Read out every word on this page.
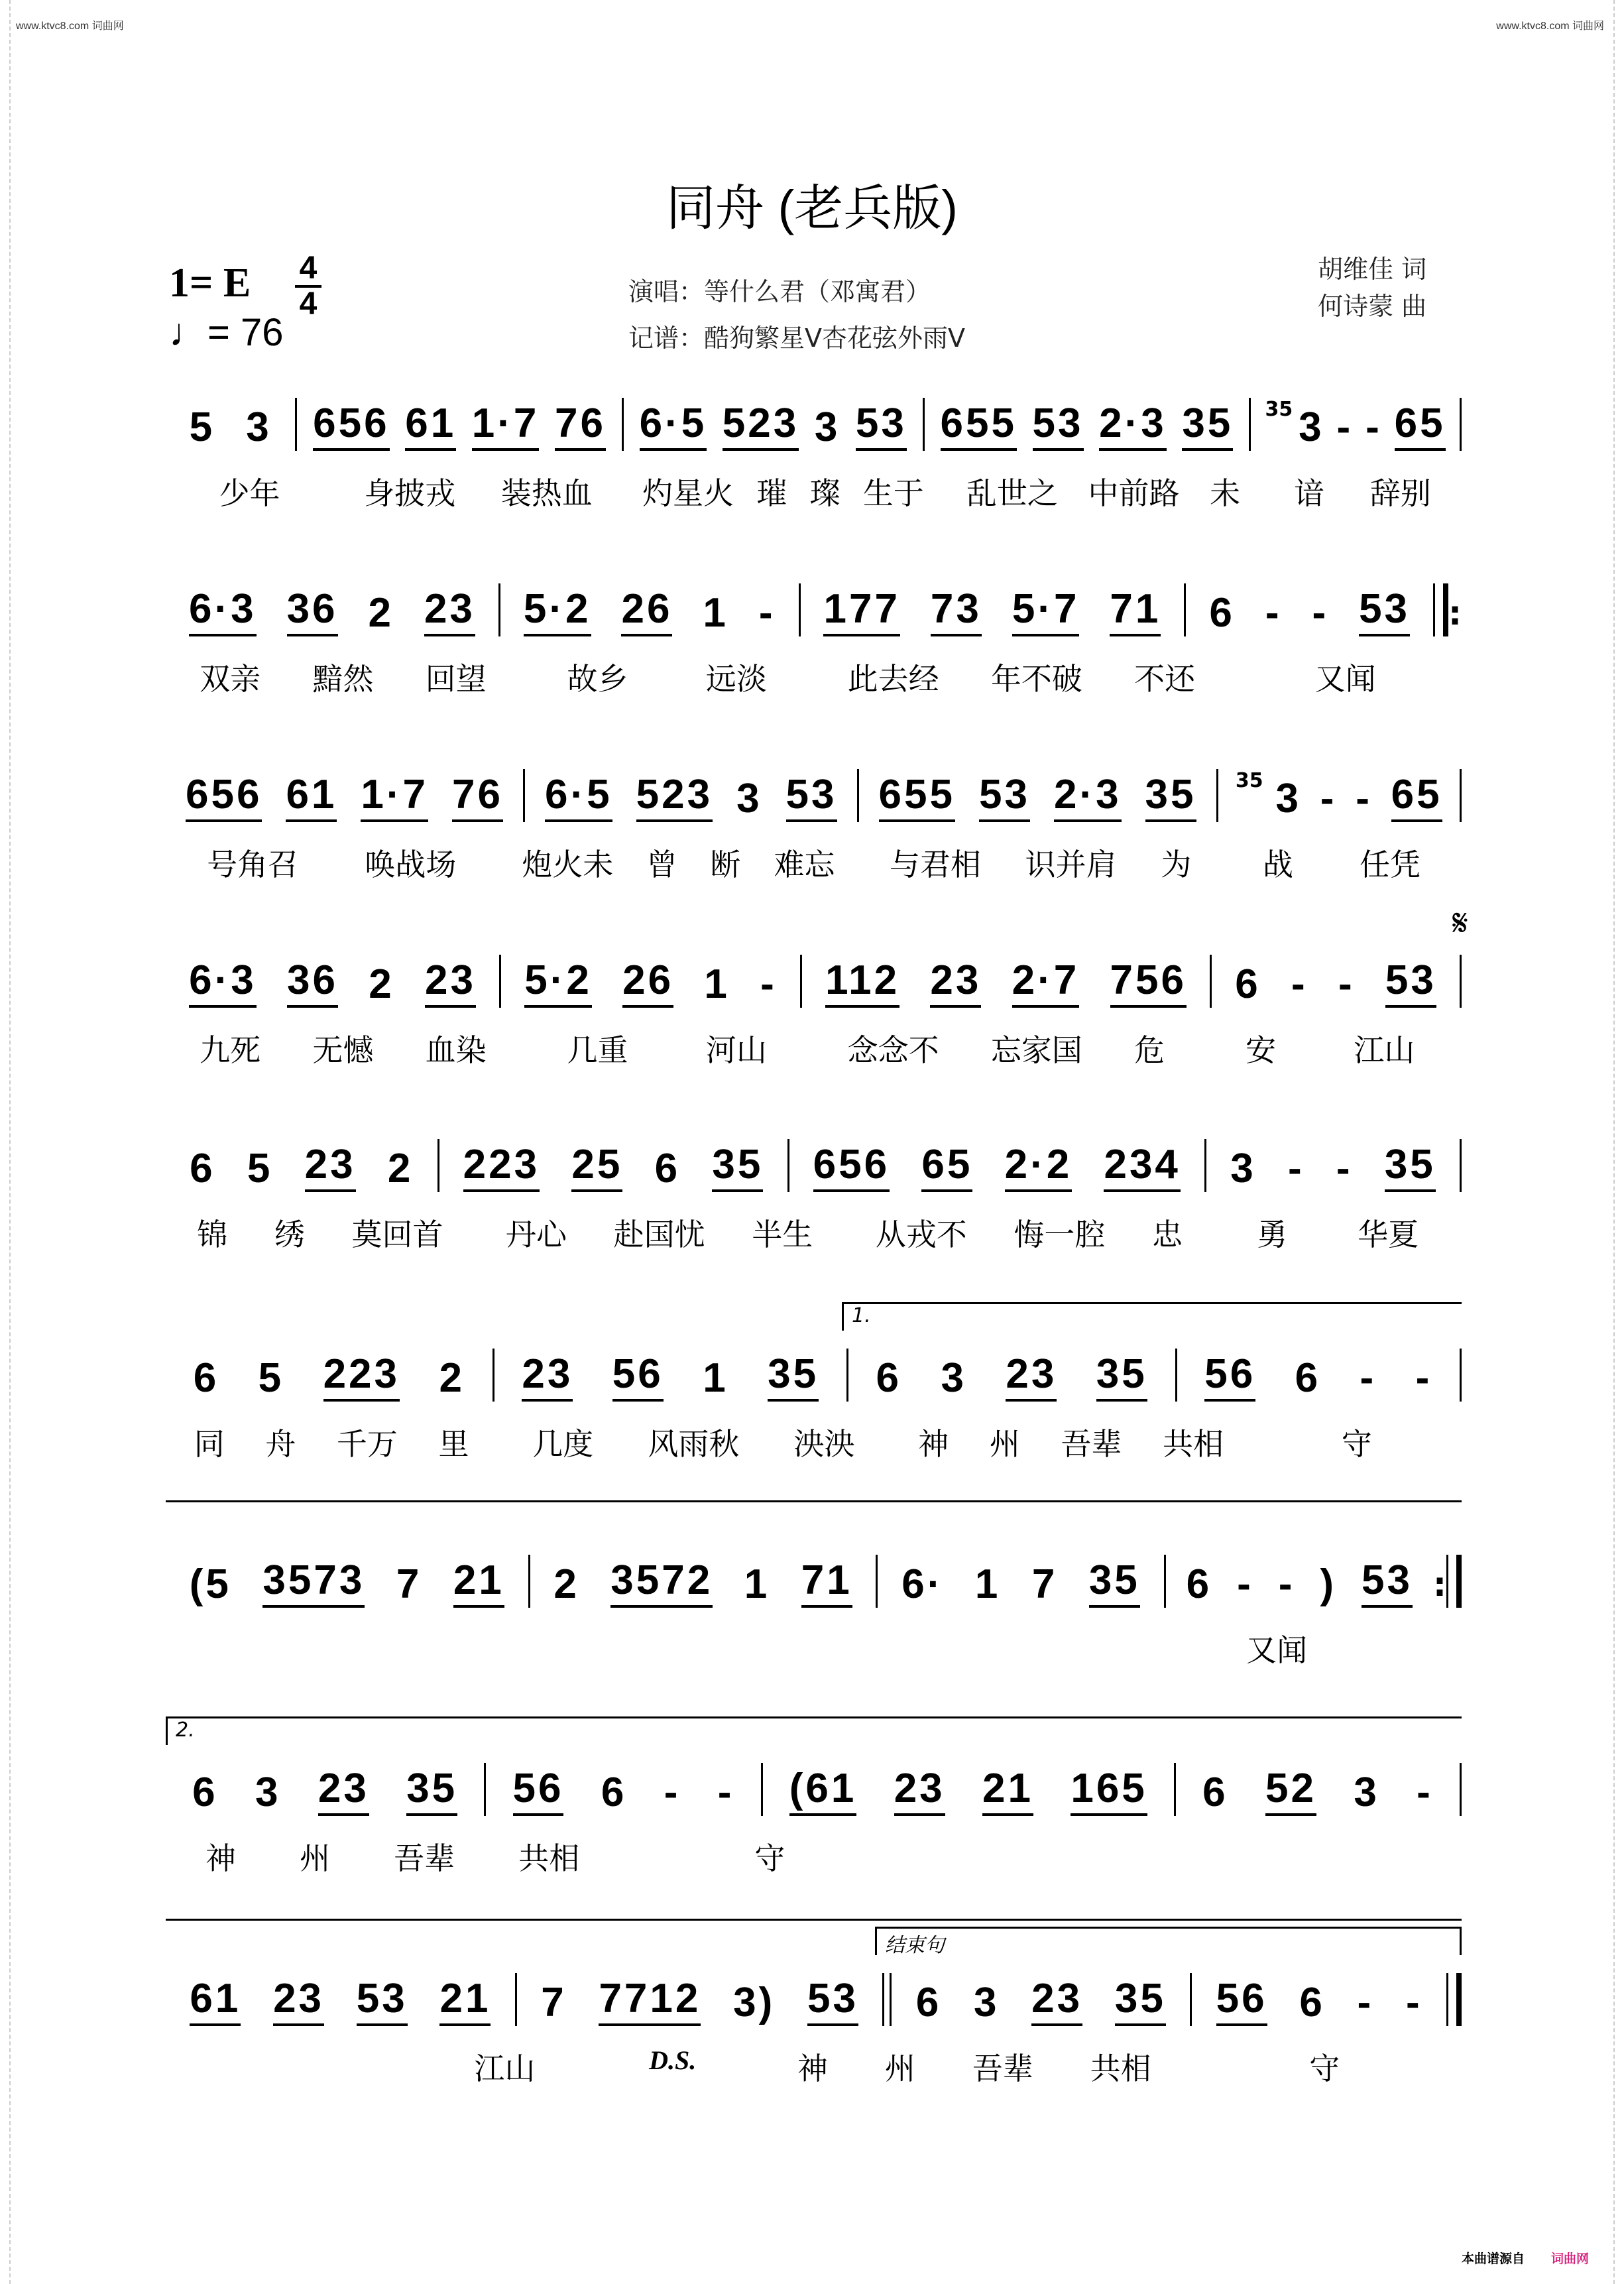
www.ktvc8.com 词曲网	www.ktvc8.com 词曲网
同舟 (老兵版)
1= E 4
4
♩= 76
演唱：等什么君（邓寓君）
记谱：酷狗繁星V杏花弦外雨V
胡维佳 词
何诗蒙 曲
5 3 656 61 1·7 76 6·5 523 3 53 655 53 2·3 35 35 3 - - 65
少年	身披戎 装热血 灼星火 璀 璨 生于 乱世之 中前路 未 谙 辞别
6·3 36 2 23 5·2 26 1 - 177 73 5·7 71 6 - - 53 :
双亲 黯然 回望	故乡	远淡	此去经 年不破 不还	又闻
656 61 1·7 76 6·5 523 3 53 655 53 2·3 35 35 3 - - 65
号角召 唤战场 炮火未 曾 断 难忘 与君相 识并肩 为 战 任凭
6·3 36 2 23 5·2 26 1 - 112 23 2·7 756 6 - - 53
九死 无憾 血染	几重	河山	念念不 忘家国 危	安	江山
𝄋
6 5 23 2 223 25 6 35 656 65 2·2 234 3 - - 35
锦 绣 莫回首 丹心 赴国忧 半生 从戎不 悔一腔 忠 勇 华夏
6 5 223 2 23 56 1 35 6 3 23 35 56 6 - -
同 舟 千万 里 几度 风雨秋 泱泱 神 州 吾辈 共相	守
1.
(5 3573 7 21 2 3572 1 71 6· 1 7 35 6 - - ) 53 :
又闻
6 3 23 35 56 6 - - (61 23 21 165 6 52 3 -
神 州 吾辈 共相	守
2.
61 23 53 21 7 7712 3) 53 6 3 23 35 56 6 - -
江山	D.S.	神 州 吾辈 共相	守
结束句
本曲谱源自 词曲网
